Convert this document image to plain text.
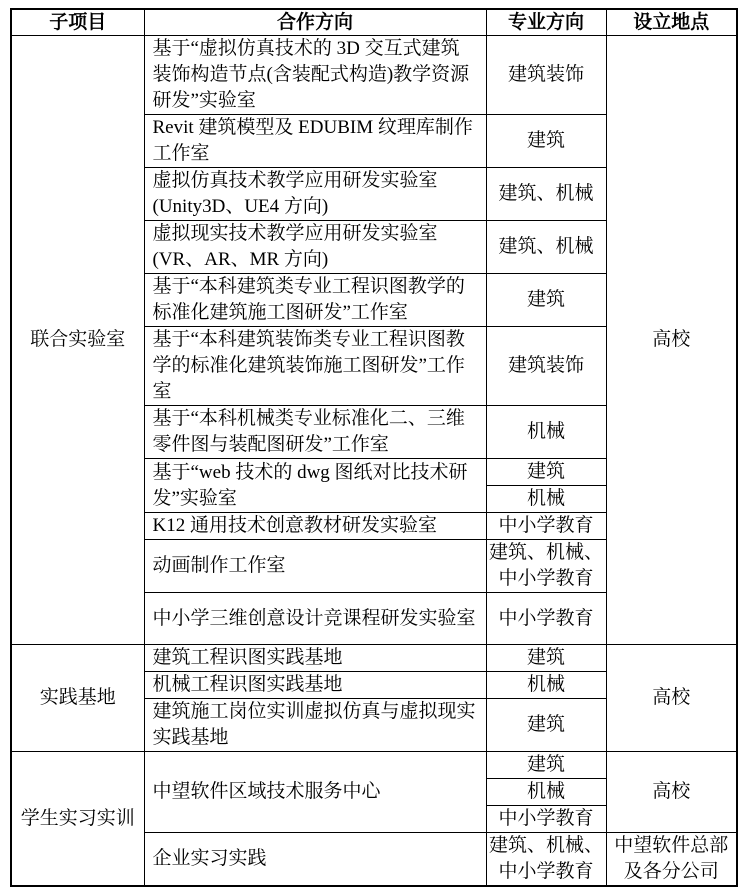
子项目	合作方向	专业方向	设立地点
联合实验室	基于“虚拟仿真技术的 3D 交互式建筑装饰构造节点(含装配式构造)教学资源研发”实验室	建筑装饰	高校
	Revit 建筑模型及 EDUBIM 纹理库制作工作室	建筑	
	虚拟仿真技术教学应用研发实验室(Unity3D、UE4 方向)	建筑、机械	
	虚拟现实技术教学应用研发实验室(VR、AR、MR 方向)	建筑、机械	
	基于“本科建筑类专业工程识图教学的标准化建筑施工图研发”工作室	建筑	
	基于“本科建筑装饰类专业工程识图教学的标准化建筑装饰施工图研发”工作室	建筑装饰	
	基于“本科机械类专业标准化二、三维零件图与装配图研发”工作室	机械	
	基于“web 技术的 dwg 图纸对比技术研发”实验室	建筑	
		机械	
	K12 通用技术创意教材研发实验室	中小学教育	
	动画制作工作室	建筑、机械、中小学教育	
	中小学三维创意设计竞课程研发实验室	中小学教育	
实践基地	建筑工程识图实践基地	建筑	高校
	机械工程识图实践基地	机械	
	建筑施工岗位实训虚拟仿真与虚拟现实实践基地	建筑	
学生实习实训	中望软件区域技术服务中心	建筑	高校
		机械	
		中小学教育	
	企业实习实践	建筑、机械、中小学教育	中望软件总部及各分公司
